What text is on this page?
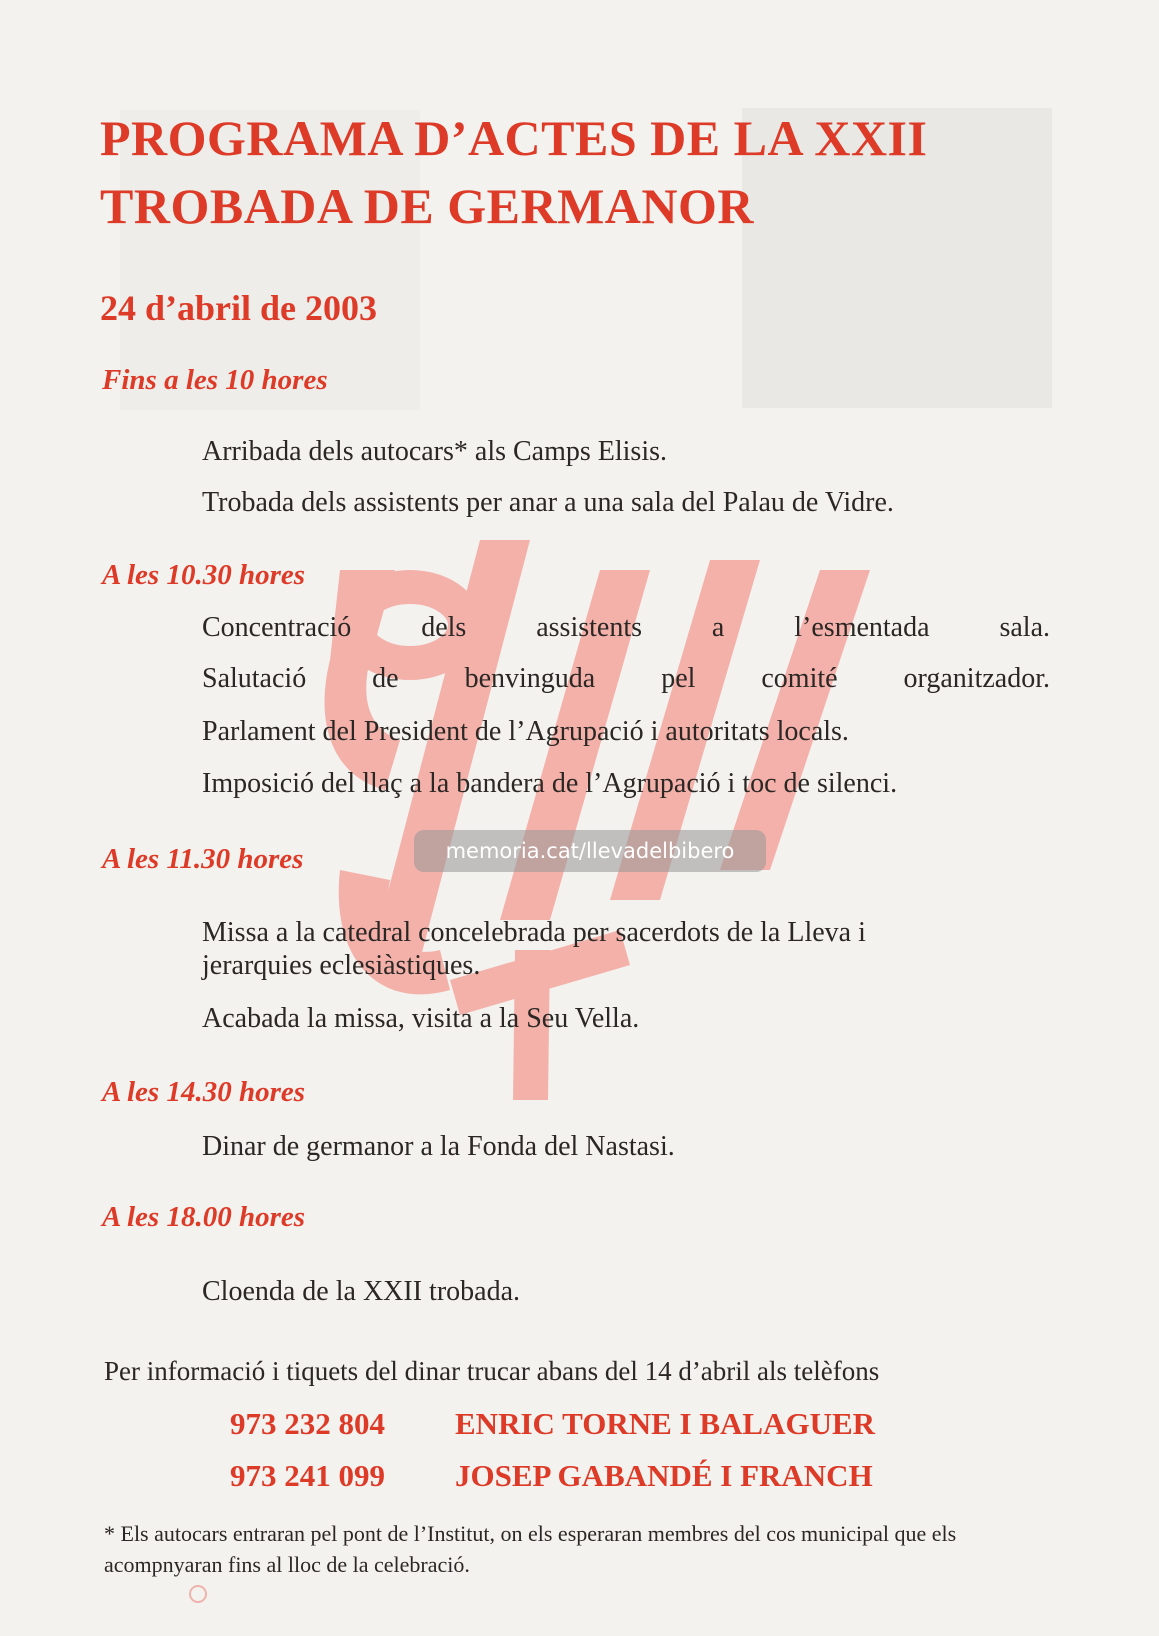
PROGRAMA D’ACTES DE LA XXII
TROBADA DE GERMANOR
24 d’abril de 2003
Fins a les 10 hores
Arribada dels autocars* als Camps Elisis.
Trobada dels assistents per anar a una sala del Palau de Vidre.
A les 10.30 hores
Concentració dels assistents a l’esmentada sala.
Salutació de benvinguda pel comité organitzador.
Parlament del President de l’Agrupació i autoritats locals.
Imposició del llaç a la bandera de l’Agrupació i toc de silenci.
A les 11.30 hores
Missa a la catedral concelebrada per sacerdots de la Lleva i
jerarquies eclesiàstiques.
Acabada la missa, visita a la Seu Vella.
A les 14.30 hores
Dinar de germanor a la Fonda del Nastasi.
A les 18.00 hores
Cloenda de la XXII trobada.
Per informació i tiquets del dinar trucar abans del 14 d’abril als telèfons
973 232 804 ENRIC TORNE I BALAGUER
973 241 099 JOSEP GABANDÉ I FRANCH
* Els autocars entraran pel pont de l’Institut, on els esperaran membres del cos municipal que els acompnyaran fins al lloc de la celebració.
memoria.cat/llevadelbibero
